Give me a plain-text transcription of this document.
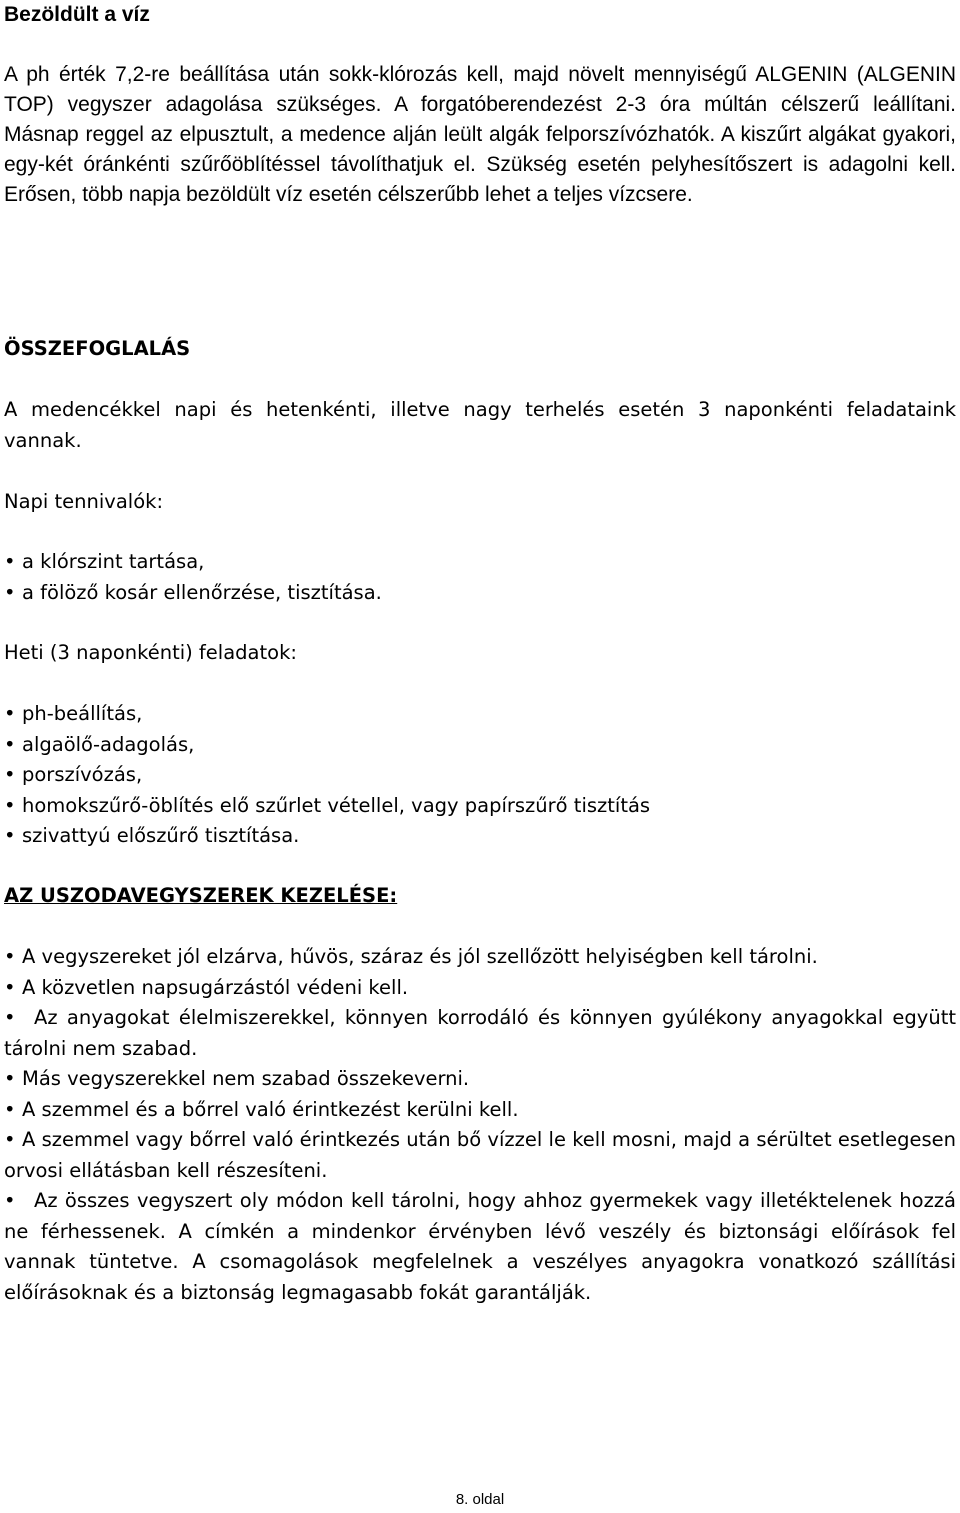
Bezöldült a víz

A ph érték 7,2-re beállítása után sokk-klórozás kell, majd növelt mennyiségű ALGENIN (ALGENIN TOP) vegyszer adagolása szükséges. A forgatóberendezést 2-3 óra múltán célszerű leállítani. Másnap reggel az elpusztult, a medence alján leült algák felporszívózhatók. A kiszűrt algákat gyakori, egy-két óránkénti szűrőöblítéssel távolíthatjuk el. Szükség esetén pelyhesítőszert is adagolni kell. Erősen, több napja bezöldült víz esetén célszerűbb lehet a teljes vízcsere.

ÖSSZEFOGLALÁS

A medencékkel napi és hetenkénti, illetve nagy terhelés esetén 3 naponkénti feladataink vannak.

Napi tennivalók:

• a klórszint tartása,
• a fölöző kosár ellenőrzése, tisztítása.

Heti (3 naponkénti) feladatok:

• ph-beállítás,
• algaölő-adagolás,
• porszívózás,
• homokszűrő-öblítés elő szűrlet vétellel, vagy papírszűrő tisztítás
• szivattyú előszűrő tisztítása.
AZ USZODAVEGYSZEREK KEZELÉSE:
• A vegyszereket jól elzárva, hűvös, száraz és jól szellőzött helyiségben kell tárolni.
• A közvetlen napsugárzástól védeni kell.
• Az anyagokat élelmiszerekkel, könnyen korrodáló és könnyen gyúlékony anyagokkal együtt tárolni nem szabad.
• Más vegyszerekkel nem szabad összekeverni.
• A szemmel és a bőrrel való érintkezést kerülni kell.
• A szemmel vagy bőrrel való érintkezés után bő vízzel le kell mosni, majd a sérültet esetlegesen orvosi ellátásban kell részesíteni.
• Az összes vegyszert oly módon kell tárolni, hogy ahhoz gyermekek vagy illetéktelenek hozzá ne férhessenek. A címkén a mindenkor érvényben lévő veszély és biztonsági előírások fel vannak tüntetve. A csomagolások megfelelnek a veszélyes anyagokra vonatkozó szállítási előírásoknak és a biztonság legmagasabb fokát garantálják.
8. oldal
